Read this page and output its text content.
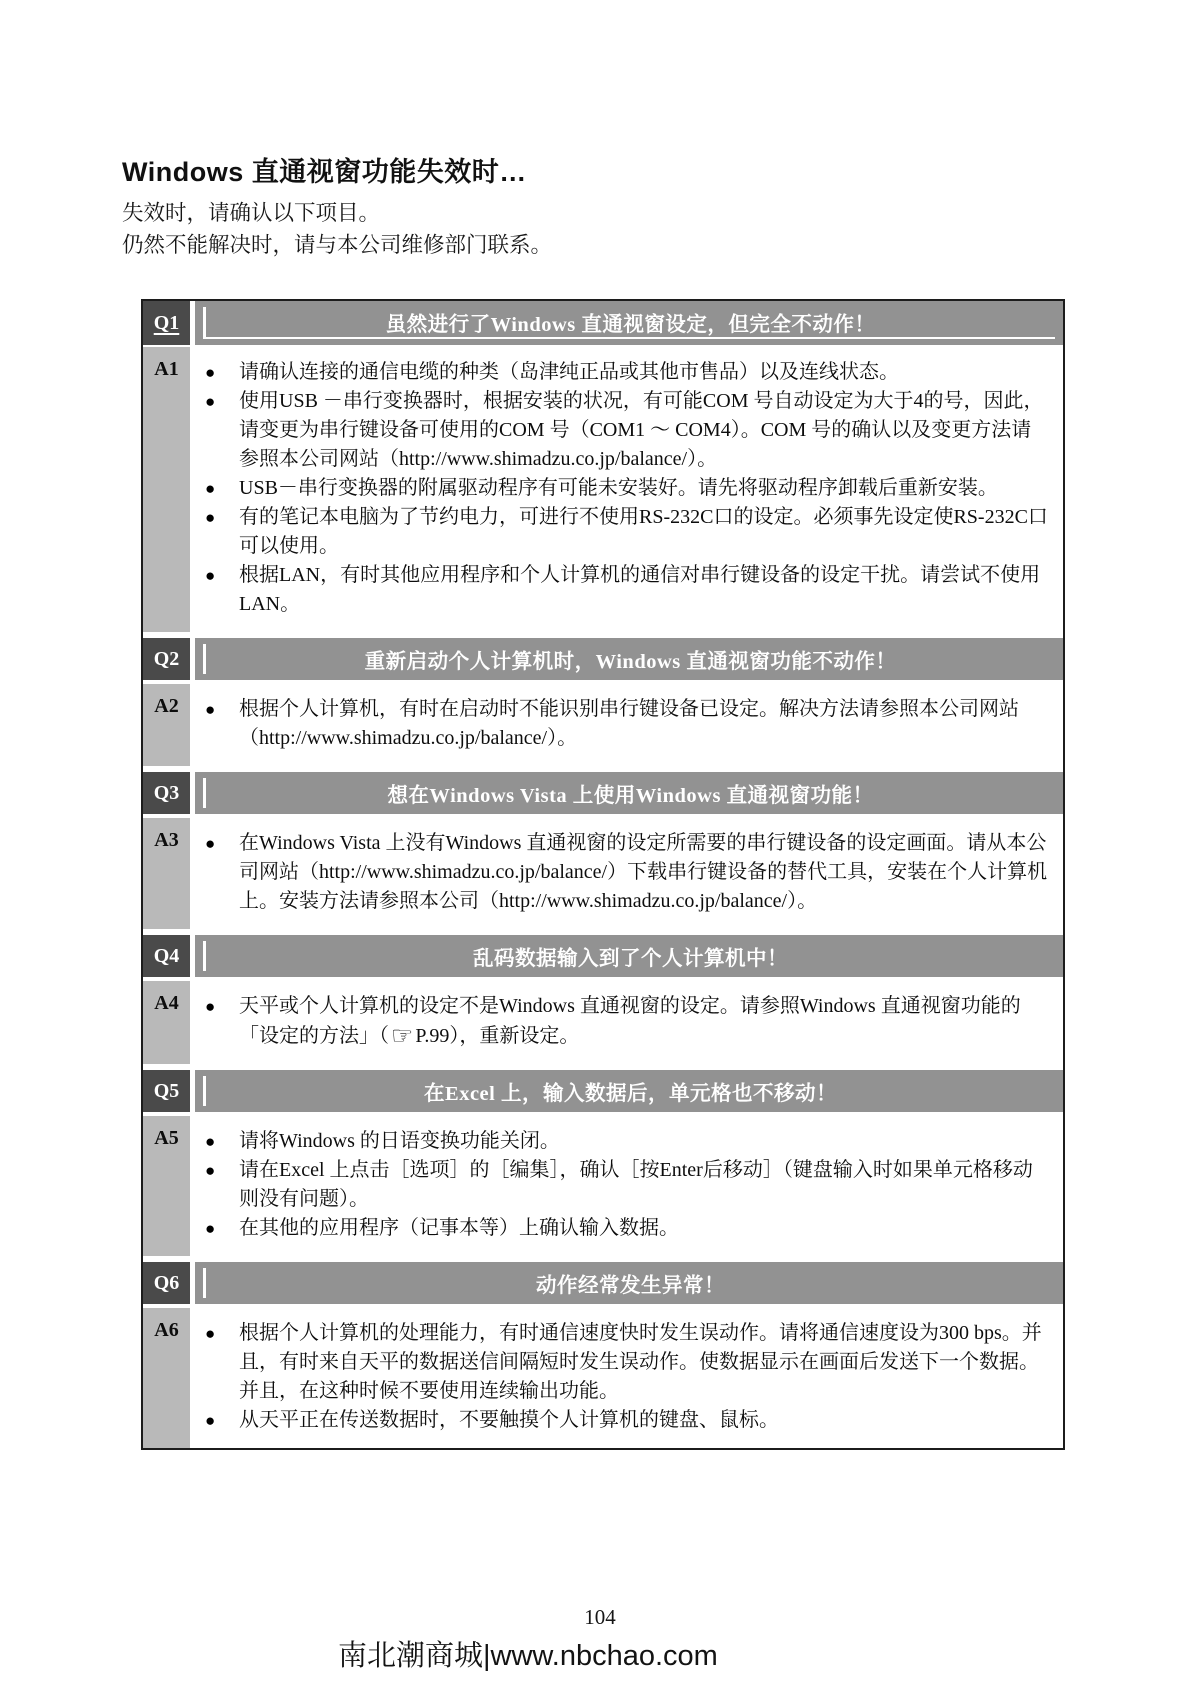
Windows 直通视窗功能失效时…

失效时，请确认以下项目。

仍然不能解决时，请与本公司维修部门联系。

Q1	虽然进行了Windows 直通视窗设定，但完全不动作！
A1 ●	请确认连接的通信电缆的种类（岛津纯正品或其他市售品）以及连线状态。
●	使用USB －串行变换器时，根据安装的状况，有可能COM 号自动设定为大于4的号，因此，请变更为串行键设备可使用的COM 号（COM1 ～ COM4）。COM 号的确认以及变更方法请参照本公司网站（http://www.shimadzu.co.jp/balance/）。
●	USB－串行变换器的附属驱动程序有可能未安装好。请先将驱动程序卸载后重新安装。
●	有的笔记本电脑为了节约电力，可进行不使用RS-232C口的设定。必须事先设定使RS-232C口可以使用。
●	根据LAN，有时其他应用程序和个人计算机的通信对串行键设备的设定干扰。请尝试不使用LAN。
Q2	重新启动个人计算机时，Windows 直通视窗功能不动作！
A2 ●	根据个人计算机，有时在启动时不能识别串行键设备已设定。解决方法请参照本公司网站（http://www.shimadzu.co.jp/balance/）。
Q3	想在Windows Vista 上使用Windows 直通视窗功能！
A3 ●	在Windows Vista 上没有Windows 直通视窗的设定所需要的串行键设备的设定画面。请从本公司网站（http://www.shimadzu.co.jp/balance/）下载串行键设备的替代工具，安装在个人计算机上。安装方法请参照本公司（http://www.shimadzu.co.jp/balance/）。
Q4	乱码数据输入到了个人计算机中！
A4 ●	天平或个人计算机的设定不是Windows 直通视窗的设定。请参照Windows 直通视窗功能的「设定的方法」（☞ P.99），重新设定。
Q5	在Excel 上，输入数据后，单元格也不移动！
A5 ●	请将Windows 的日语变换功能关闭。
●	请在Excel 上点击［选项］的［编集］，确认［按Enter后移动］（键盘输入时如果单元格移动则没有问题）。
●	在其他的应用程序（记事本等）上确认输入数据。
Q6	动作经常发生异常！
A6 ●	根据个人计算机的处理能力，有时通信速度快时发生误动作。请将通信速度设为300 bps。并且，有时来自天平的数据送信间隔短时发生误动作。使数据显示在画面后发送下一个数据。并且，在这种时候不要使用连续输出功能。
●	从天平正在传送数据时，不要触摸个人计算机的键盘、鼠标。
104
南北潮商城|www.nbchao.com
